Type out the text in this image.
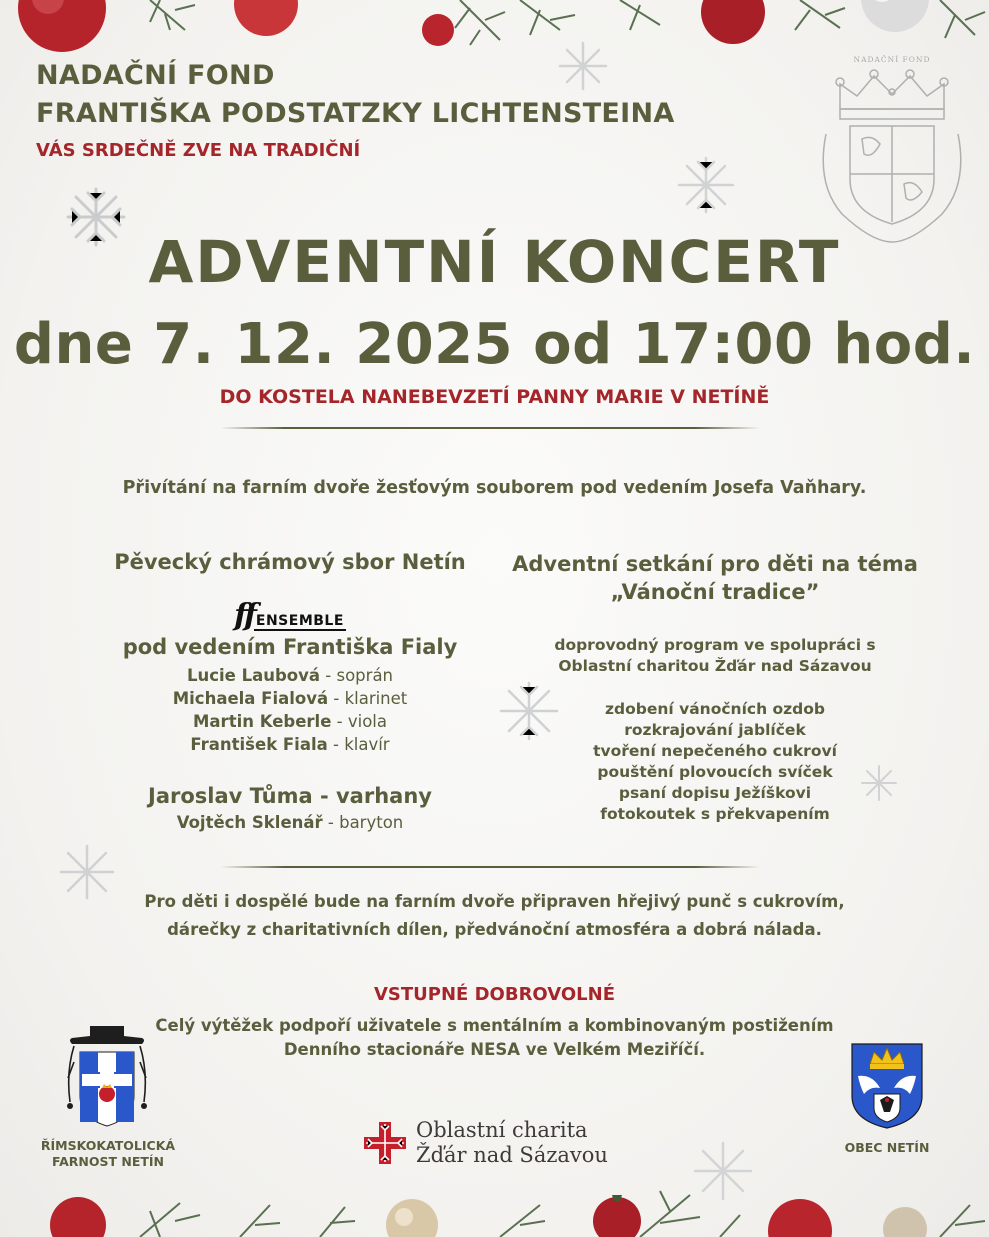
NADAČNÍ FOND
FRANTIŠKA PODSTATZKY LICHTENSTEINA
VÁS SRDEČNĚ ZVE NA TRADIČNÍ
NADAČNÍ FOND
ADVENTNÍ KONCERT
dne 7. 12. 2025 od 17:00 hod.
DO KOSTELA NANEBEVZETÍ PANNY MARIE V NETÍNĚ
Přivítání na farním dvoře žesťovým souborem pod vedením Josefa Vaňhary.
Pěvecký chrámový sbor Netín
ff ENSEMBLE
pod vedením Františka Fialy
Lucie Laubová - soprán
Michaela Fialová - klarinet
Martin Keberle - viola
František Fiala - klavír
Jaroslav Tůma - varhany
Vojtěch Sklenář - baryton
Adventní setkání pro děti na téma
„Vánoční tradice”
doprovodný program ve spolupráci s
Oblastní charitou Žďár nad Sázavou
zdobení vánočních ozdob
rozkrajování jablíček
tvoření nepečeného cukroví
pouštění plovoucích svíček
psaní dopisu Ježíškovi
fotokoutek s překvapením
Pro děti i dospělé bude na farním dvoře připraven hřejivý punč s cukrovím,
dárečky z charitativních dílen, předvánoční atmosféra a dobrá nálada.
VSTUPNÉ DOBROVOLNÉ
Celý výtěžek podpoří uživatele s mentálním a kombinovaným postižením
Denního stacionáře NESA ve Velkém Meziříčí.
ŘÍMSKOKATOLICKÁ
FARNOST NETÍN
Oblastní charita
Žďár nad Sázavou	OBEC NETÍN
